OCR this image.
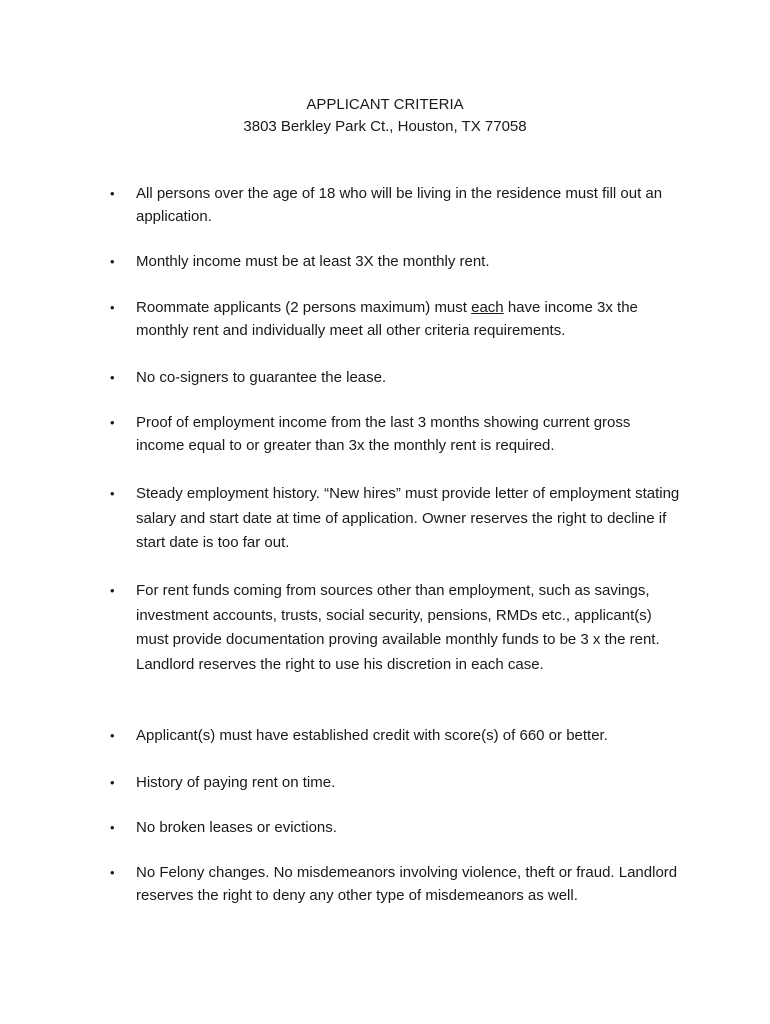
APPLICANT CRITERIA
3803 Berkley Park Ct., Houston, TX 77058
• All persons over the age of 18 who will be living in the residence must fill out an application.
• Monthly income must be at least 3X the monthly rent.
• Roommate applicants (2 persons maximum) must each have income 3x the monthly rent and individually meet all other criteria requirements.
• No co-signers to guarantee the lease.
• Proof of employment income from the last 3 months showing current gross income equal to or greater than 3x the monthly rent is required.
• Steady employment history. “New hires” must provide letter of employment stating salary and start date at time of application. Owner reserves the right to decline if start date is too far out.
• For rent funds coming from sources other than employment, such as savings, investment accounts, trusts, social security, pensions, RMDs etc., applicant(s) must provide documentation proving available monthly funds to be 3 x the rent. Landlord reserves the right to use his discretion in each case.
• Applicant(s) must have established credit with score(s) of 660 or better.
• History of paying rent on time.
• No broken leases or evictions.
• No Felony changes. No misdemeanors involving violence, theft or fraud. Landlord reserves the right to deny any other type of misdemeanors as well.
